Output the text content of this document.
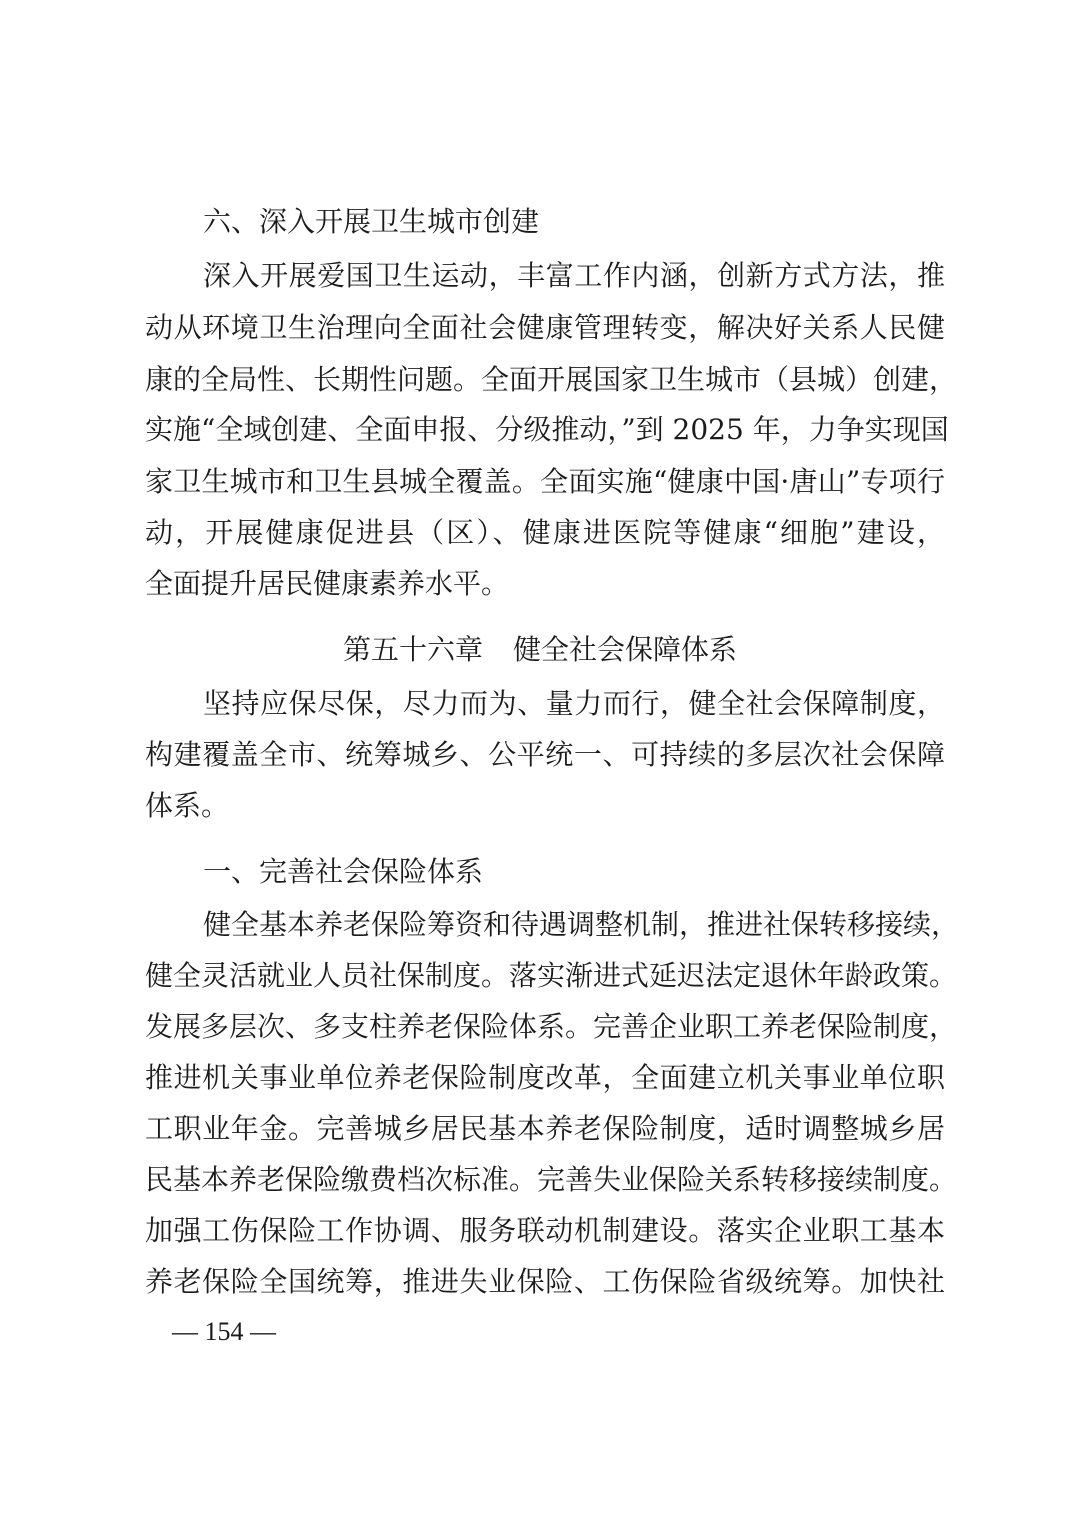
六、深入开展卫生城市创建
深入开展爱国卫生运动，丰富工作内涵，创新方式方法，推
动从环境卫生治理向全面社会健康管理转变，解决好关系人民健
康的全局性、长期性问题。全面开展国家卫生城市（县城）创建，
实施“全域创建、全面申报、分级推动，”到 2025 年，力争实现国
家卫生城市和卫生县城全覆盖。全面实施“健康中国·唐山”专项行
动，开展健康促进县（区）、健康进医院等健康“细胞”建设，
全面提升居民健康素养水平。
第五十六章 健全社会保障体系
坚持应保尽保，尽力而为、量力而行，健全社会保障制度，
构建覆盖全市、统筹城乡、公平统一、可持续的多层次社会保障
体系。
一、完善社会保险体系
健全基本养老保险筹资和待遇调整机制，推进社保转移接续，
健全灵活就业人员社保制度。落实渐进式延迟法定退休年龄政策。
发展多层次、多支柱养老保险体系。完善企业职工养老保险制度，
推进机关事业单位养老保险制度改革，全面建立机关事业单位职
工职业年金。完善城乡居民基本养老保险制度，适时调整城乡居
民基本养老保险缴费档次标准。完善失业保险关系转移接续制度。
加强工伤保险工作协调、服务联动机制建设。落实企业职工基本
养老保险全国统筹，推进失业保险、工伤保险省级统筹。加快社
— 154 —
